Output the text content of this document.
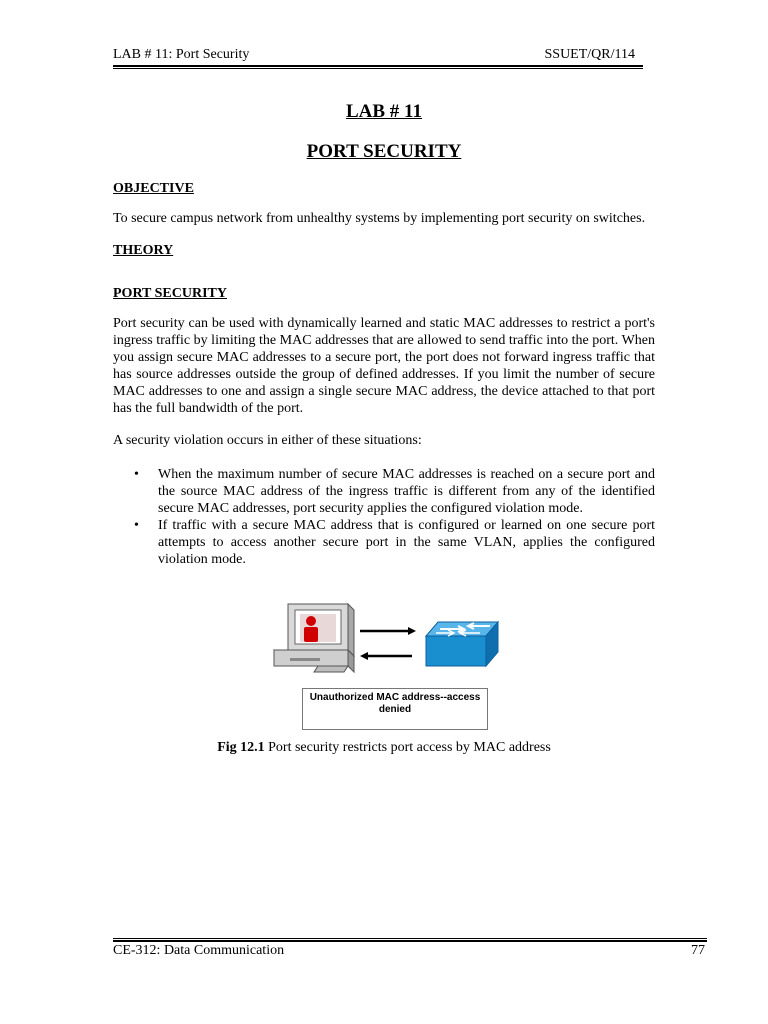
LAB # 11: Port Security	SSUET/QR/114
LAB # 11
PORT SECURITY
OBJECTIVE

To secure campus network from unhealthy systems by implementing port security on switches.

THEORY
PORT SECURITY

Port security can be used with dynamically learned and static MAC addresses to restrict a port's ingress traffic by limiting the MAC addresses that are allowed to send traffic into the port. When you assign secure MAC addresses to a secure port, the port does not forward ingress traffic that has source addresses outside the group of defined addresses. If you limit the number of secure MAC addresses to one and assign a single secure MAC address, the device attached to that port has the full bandwidth of the port.

A security violation occurs in either of these situations:

• When the maximum number of secure MAC addresses is reached on a secure port and the source MAC address of the ingress traffic is different from any of the identified secure MAC addresses, port security applies the configured violation mode.
• If traffic with a secure MAC address that is configured or learned on one secure port attempts to access another secure port in the same VLAN, applies the configured violation mode.
Unauthorized MAC address--access denied
Fig 12.1 Port security restricts port access by MAC address
CE-312: Data Communication	77
